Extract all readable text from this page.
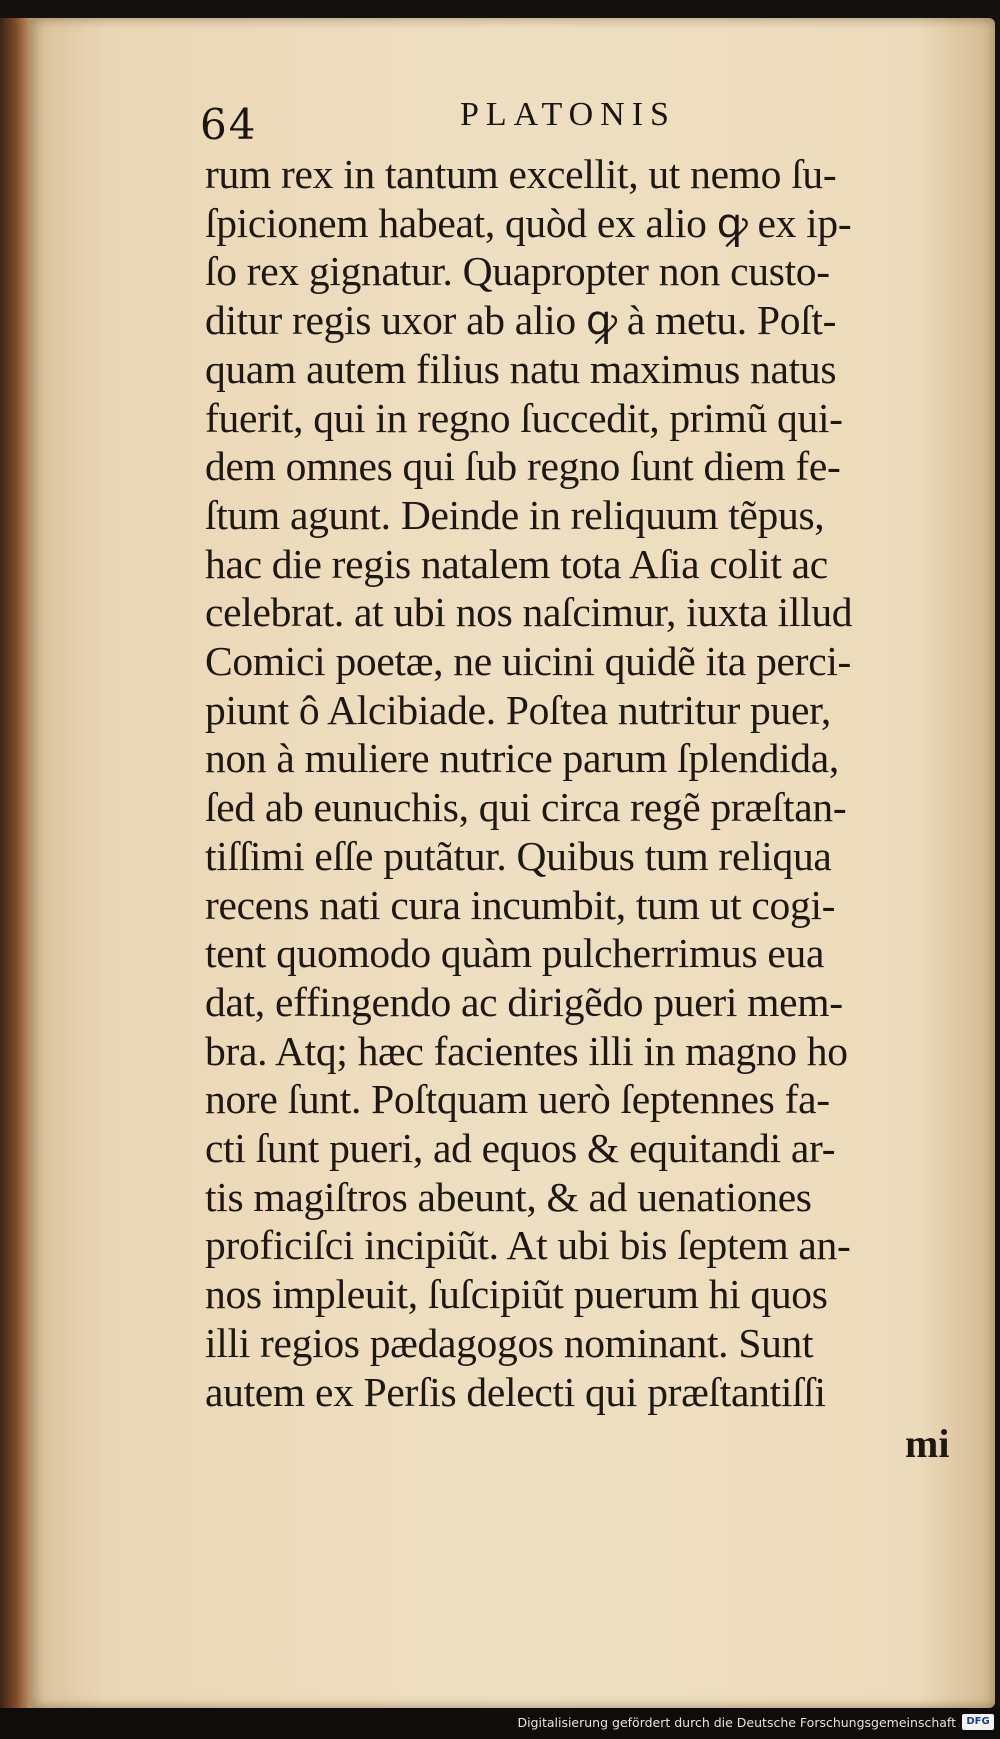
64	PLATONIS
rum rex in tantum excellit, ut nemo ſu-
ſpicionem habeat, quòd ex alio ꝙ ex ip-
ſo rex gignatur. Quapropter non custo-
ditur regis uxor ab alio ꝙ à metu. Poſt-
quam autem filius natu maximus natus
fuerit, qui in regno ſuccedit, primũ qui-
dem omnes qui ſub regno ſunt diem fe-
ſtum agunt. Deinde in reliquum tẽpus,
hac die regis natalem tota Aſia colit ac
celebrat. at ubi nos naſcimur, iuxta illud
Comici poetæ, ne uicini quidẽ ita perci-
piunt ô Alcibiade. Poſtea nutritur puer,
non à muliere nutrice parum ſplendida,
ſed ab eunuchis, qui circa regẽ præſtan-
tiſſimi eſſe putãtur. Quibus tum reliqua
recens nati cura incumbit, tum ut cogi-
tent quomodo quàm pulcherrimus eua
dat, effingendo ac dirigẽdo pueri mem-
bra. Atq; hæc facientes illi in magno ho
nore ſunt. Poſtquam uerò ſeptennes fa-
cti ſunt pueri, ad equos & equitandi ar-
tis magiſtros abeunt, & ad uenationes
proficiſci incipiũt. At ubi bis ſeptem an-
nos impleuit, ſuſcipiũt puerum hi quos
illi regios pædagogos nominant. Sunt
autem ex Perſis delecti qui præſtantiſſi
mi
Digitalisierung gefördert durch die Deutsche Forschungsgemeinschaft	DFG
